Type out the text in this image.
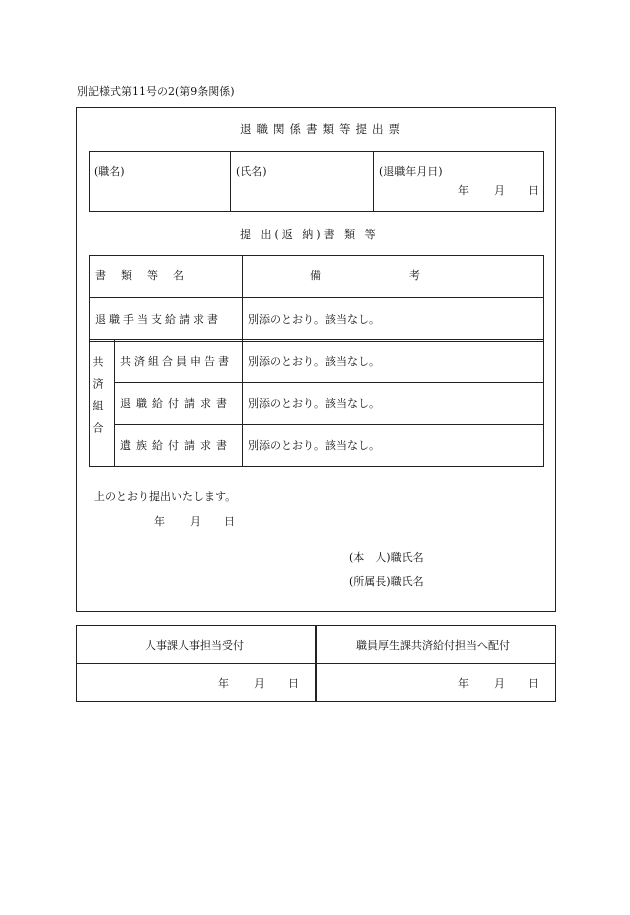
別記様式第11号の2(第9条関係)
退職関係書類等提出票
(職名)	(氏名)	(退職年月日)
年 月 日
提 出(返 納)書 類 等
書　類　等　名	備　　　　　　　　考
退職手当支給請求書 別添のとおり。該当なし。
共済組合	共済組合員申告書 別添のとおり。該当なし。
退職給付請求書 別添のとおり。該当なし。
遺族給付請求書 別添のとおり。該当なし。
上のとおり提出いたします。
年 月 日
(本　人)職氏名
(所属長)職氏名
人事課人事担当受付	職員厚生課共済給付担当へ配付
年 月 日	年 月 日
